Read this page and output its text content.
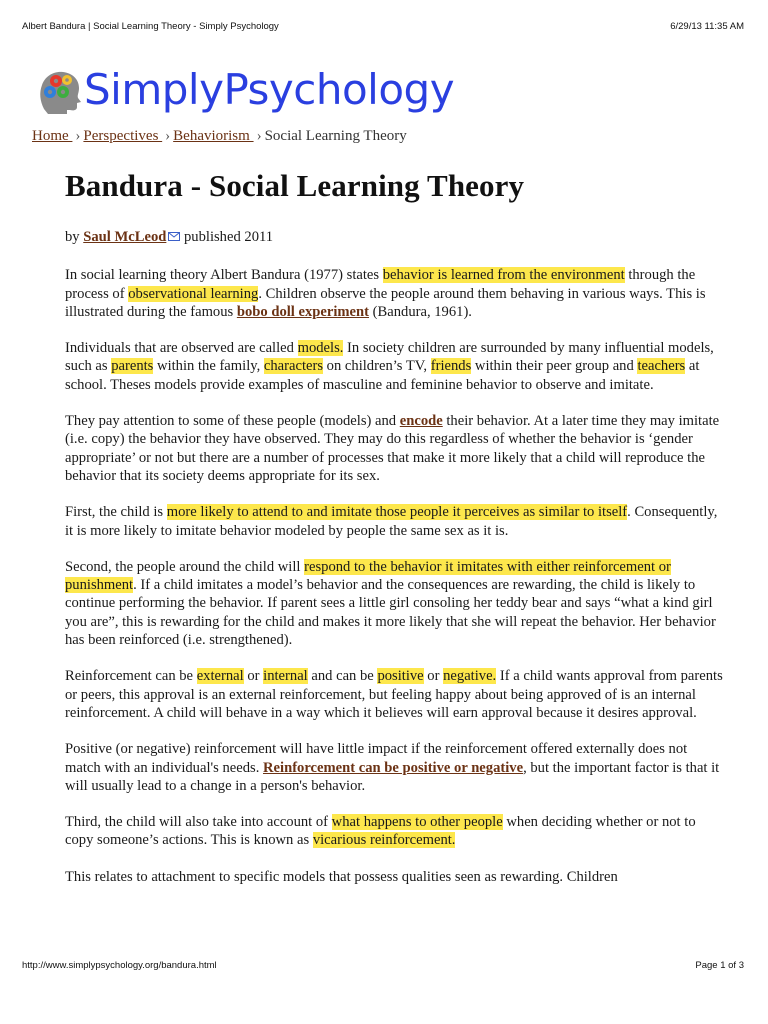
Albert Bandura | Social Learning Theory - Simply Psychology	6/29/13 11:35 AM
SimplyPsychology
Home › Perspectives › Behaviorism › Social Learning Theory
Bandura - Social Learning Theory

by Saul McLeod published 2011

In social learning theory Albert Bandura (1977) states behavior is learned from the environment through the process of observational learning. Children observe the people around them behaving in various ways. This is illustrated during the famous bobo doll experiment (Bandura, 1961).

Individuals that are observed are called models. In society children are surrounded by many influential models, such as parents within the family, characters on children’s TV, friends within their peer group and teachers at school. Theses models provide examples of masculine and feminine behavior to observe and imitate.

They pay attention to some of these people (models) and encode their behavior. At a later time they may imitate (i.e. copy) the behavior they have observed. They may do this regardless of whether the behavior is ‘gender appropriate’ or not but there are a number of processes that make it more likely that a child will reproduce the behavior that its society deems appropriate for its sex.

First, the child is more likely to attend to and imitate those people it perceives as similar to itself. Consequently, it is more likely to imitate behavior modeled by people the same sex as it is.

Second, the people around the child will respond to the behavior it imitates with either reinforcement or punishment. If a child imitates a model’s behavior and the consequences are rewarding, the child is likely to continue performing the behavior. If parent sees a little girl consoling her teddy bear and says “what a kind girl you are”, this is rewarding for the child and makes it more likely that she will repeat the behavior. Her behavior has been reinforced (i.e. strengthened).

Reinforcement can be external or internal and can be positive or negative. If a child wants approval from parents or peers, this approval is an external reinforcement, but feeling happy about being approved of is an internal reinforcement. A child will behave in a way which it believes will earn approval because it desires approval.

Positive (or negative) reinforcement will have little impact if the reinforcement offered externally does not match with an individual's needs. Reinforcement can be positive or negative, but the important factor is that it will usually lead to a change in a person's behavior.

Third, the child will also take into account of what happens to other people when deciding whether or not to copy someone’s actions. This is known as vicarious reinforcement.

This relates to attachment to specific models that possess qualities seen as rewarding. Children

http://www.simplypsychology.org/bandura.html	Page 1 of 3
